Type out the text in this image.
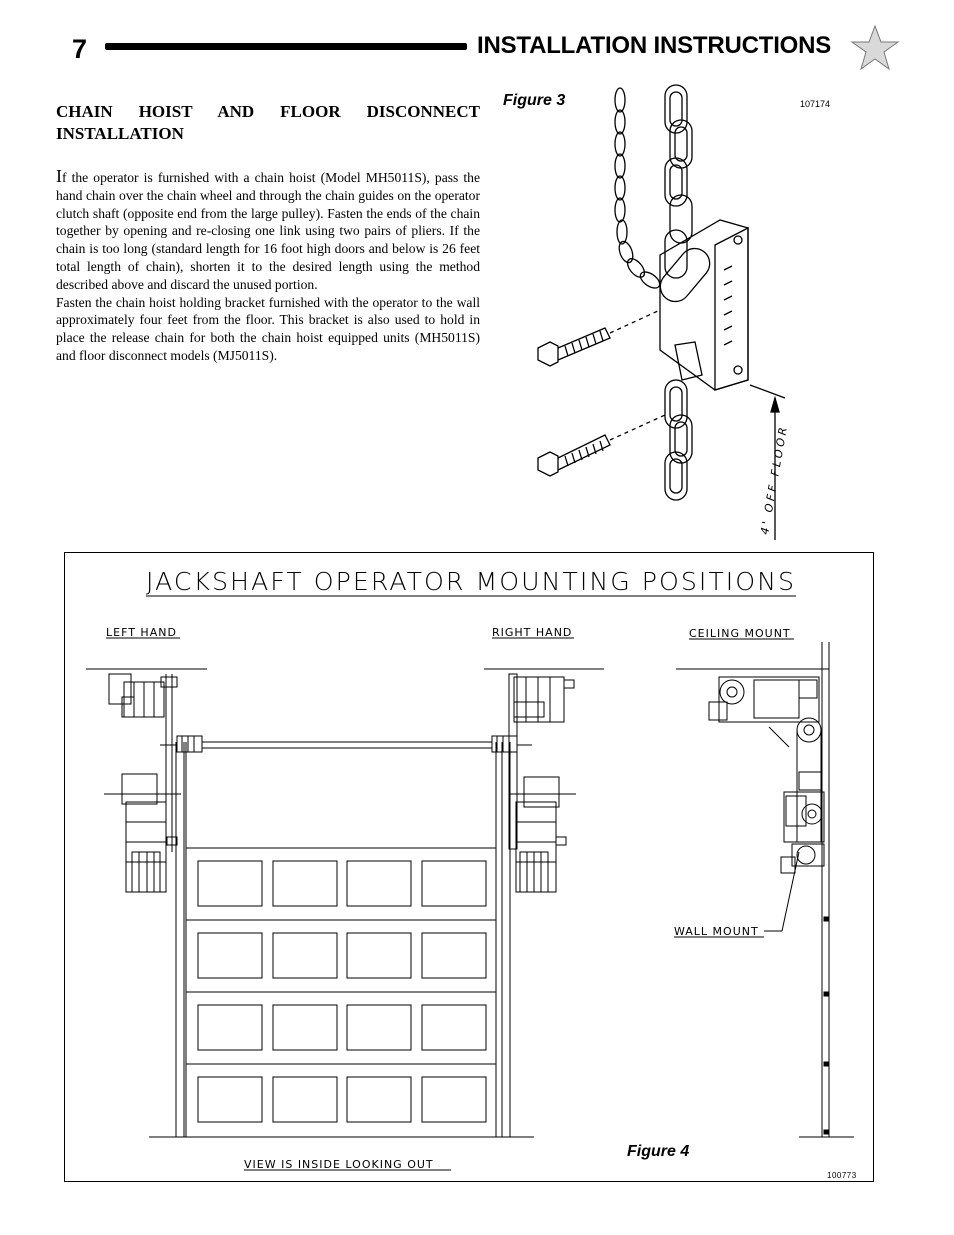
7	INSTALLATION INSTRUCTIONS
CHAIN HOIST AND FLOOR DISCONNECT
INSTALLATION

If the operator is furnished with a chain hoist (Model MH5011S), pass the hand chain over the chain wheel and through the chain guides on the operator clutch shaft (opposite end from the large pulley). Fasten the ends of the chain together by opening and re-closing one link using two pairs of pliers. If the chain is too long (standard length for 16 foot high doors and below is 26 feet total length of chain), shorten it to the desired length using the method described above and discard the unused portion.

Fasten the chain hoist holding bracket furnished with the operator to the wall approximately four feet from the floor. This bracket is also used to hold in place the release chain for both the chain hoist equipped units (MH5011S) and floor disconnect models (MJ5011S).

Figure 3	107174
4' OFF FLOOR
JACKSHAFT OPERATOR MOUNTING POSITIONS
LEFT HAND	RIGHT HAND	CEILING MOUNT
WALL MOUNT
VIEW IS INSIDE LOOKING OUT
Figure 4
100773
